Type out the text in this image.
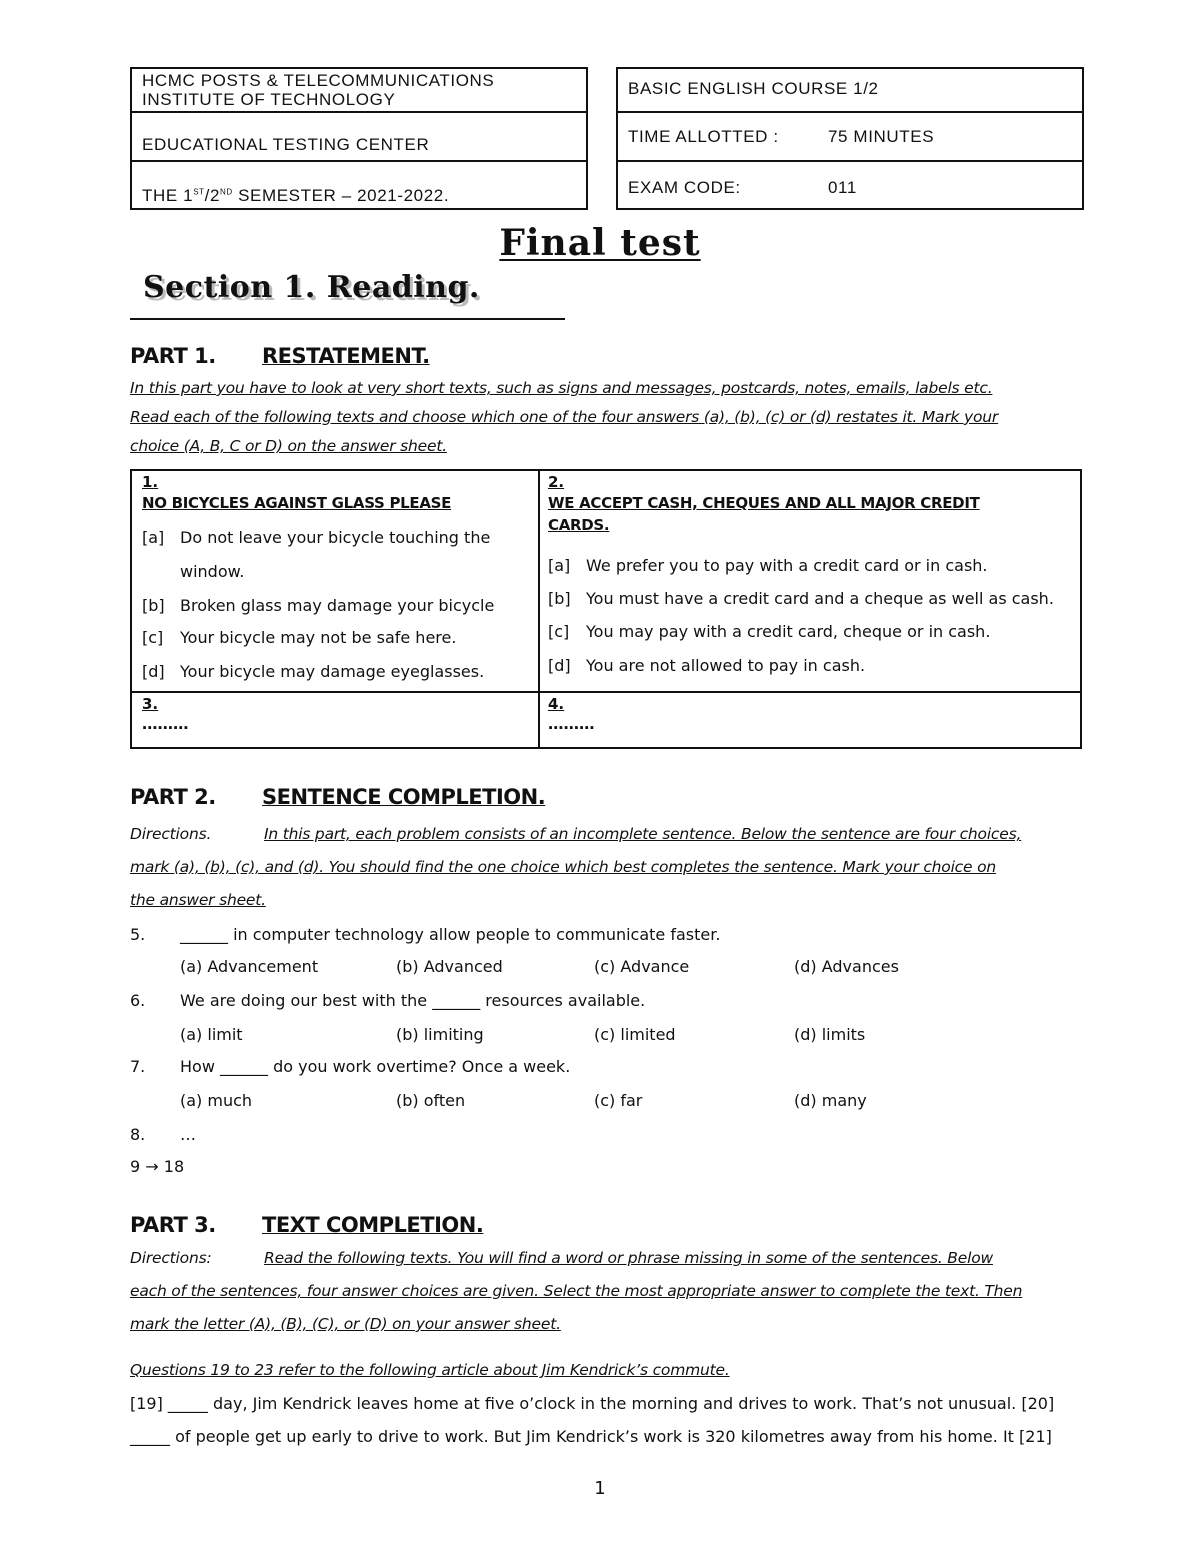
HCMC POSTS & TELECOMMUNICATIONS
INSTITUTE OF TECHNOLOGY
EDUCATIONAL TESTING CENTER
THE 1ST/2ND SEMESTER – 2021-2022.
BASIC ENGLISH COURSE 1/2
TIME ALLOTTED :	75 MINUTES
EXAM CODE:	011
Final test
Section 1. Reading.
PART 1. RESTATEMENT.
In this part you have to look at very short texts, such as signs and messages, postcards, notes, emails, labels etc.
Read each of the following texts and choose which one of the four answers (a), (b), (c) or (d) restates it. Mark your
choice (A, B, C or D) on the answer sheet.
1.
NO BICYCLES AGAINST GLASS PLEASE
[a] Do not leave your bicycle touching the
window.
[b] Broken glass may damage your bicycle
[c] Your bicycle may not be safe here.
[d] Your bicycle may damage eyeglasses.
2.
WE ACCEPT CASH, CHEQUES AND ALL MAJOR CREDIT
CARDS.
[a] We prefer you to pay with a credit card or in cash.
[b] You must have a credit card and a cheque as well as cash.
[c] You may pay with a credit card, cheque or in cash.
[d] You are not allowed to pay in cash.
3.
………
4.
………
PART 2. SENTENCE COMPLETION.
Directions.	In this part, each problem consists of an incomplete sentence. Below the sentence are four choices,
mark (a), (b), (c), and (d). You should find the one choice which best completes the sentence. Mark your choice on
the answer sheet.
5. ______ in computer technology allow people to communicate faster.
(a) Advancement	(b) Advanced	(c) Advance	(d) Advances
6. We are doing our best with the ______ resources available.
(a) limit	(b) limiting	(c) limited	(d) limits
7. How ______ do you work overtime? Once a week.
(a) much	(b) often	(c) far	(d) many
8. …
9 → 18
PART 3. TEXT COMPLETION.
Directions:	Read the following texts. You will find a word or phrase missing in some of the sentences. Below
each of the sentences, four answer choices are given. Select the most appropriate answer to complete the text. Then
mark the letter (A), (B), (C), or (D) on your answer sheet.
Questions 19 to 23 refer to the following article about Jim Kendrick’s commute.
[19] _____ day, Jim Kendrick leaves home at five o’clock in the morning and drives to work. That’s not unusual. [20]
_____ of people get up early to drive to work. But Jim Kendrick’s work is 320 kilometres away from his home. It [21]
1
